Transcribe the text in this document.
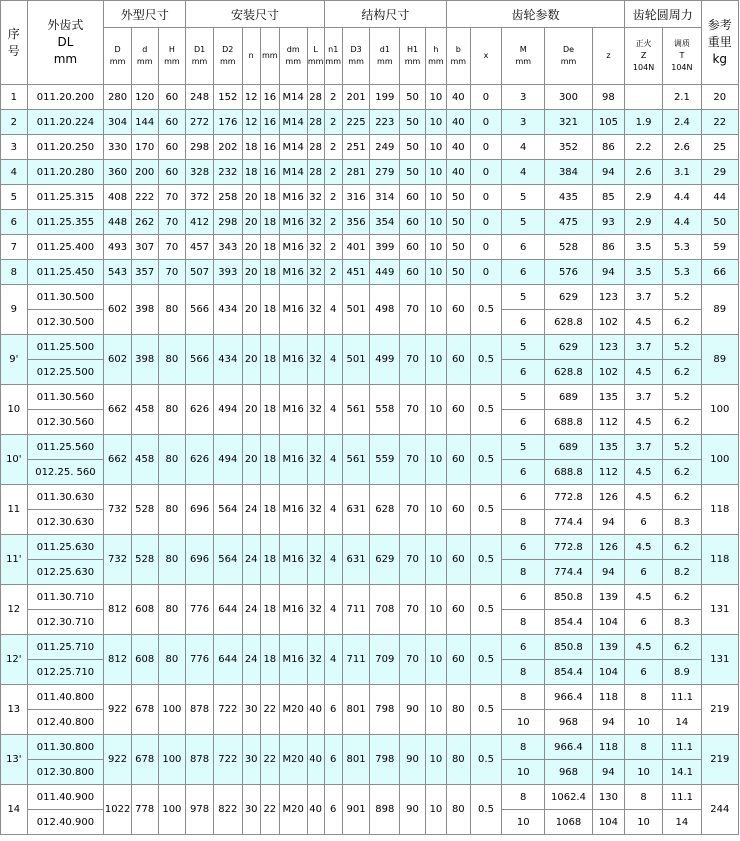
序
号	外齿式
DL
mm	外型尺寸			安装尺寸						结构尺寸					齿轮参数					齿轮圆周力		参考
重里
kg

		D
mm	d
mm	H
mm	D1
mm	D2
mm	n	mm	dm
mm	L
mm	n1
mm	D3
mm	d1
mm	H1
mm	h
mm	b
mm	x	M
mm	De
mm	z	正火
Z
104N	调质
T
104N	

1	011.20.200	280	120	60	248	152	12	16	M14	28	2	201	199	50	10	40	0	3	300	98		2.1	20
2	011.20.224	304	144	60	272	176	12	16	M14	28	2	225	223	50	10	40	0	3	321	105	1.9	2.4	22
3	011.20.250	330	170	60	298	202	18	16	M14	28	2	251	249	50	10	40	0	4	352	86	2.2	2.6	25
4	011.20.280	360	200	60	328	232	18	16	M14	28	2	281	279	50	10	40	0	4	384	94	2.6	3.1	29
5	011.25.315	408	222	70	372	258	20	18	M16	32	2	316	314	60	10	50	0	5	435	85	2.9	4.4	44
6	011.25.355	448	262	70	412	298	20	18	M16	32	2	356	354	60	10	50	0	5	475	93	2.9	4.4	50
7	011.25.400	493	307	70	457	343	20	18	M16	32	2	401	399	60	10	50	0	6	528	86	3.5	5.3	59
8	011.25.450	543	357	70	507	393	20	18	M16	32	2	451	449	60	10	50	0	6	576	94	3.5	5.3	66
9	011.30.500	602	398	80	566	434	20	18	M16	32	4	501	498	70	10	60	0.5	5	629	123	3.7	5.2	89
	012.30.500																	6	628.8	102	4.5	6.2	
9'	011.25.500	602	398	80	566	434	20	18	M16	32	4	501	499	70	10	60	0.5	5	629	123	3.7	5.2	89
	012.25.500																	6	628.8	102	4.5	6.2	
10	011.30.560	662	458	80	626	494	20	18	M16	32	4	561	558	70	10	60	0.5	5	689	135	3.7	5.2	100
	012.30.560																	6	688.8	112	4.5	6.2	
10'	011.25.560	662	458	80	626	494	20	18	M16	32	4	561	559	70	10	60	0.5	5	689	135	3.7	5.2	100
	012.25. 560																	6	688.8	112	4.5	6.2	
11	011.30.630	732	528	80	696	564	24	18	M16	32	4	631	628	70	10	60	0.5	6	772.8	126	4.5	6.2	118
	012.30.630																	8	774.4	94	6	8.3	
11'	011.25.630	732	528	80	696	564	24	18	M16	32	4	631	629	70	10	60	0.5	6	772.8	126	4.5	6.2	118
	012.25.630																	8	774.4	94	6	8.2	
12	011.30.710	812	608	80	776	644	24	18	M16	32	4	711	708	70	10	60	0.5	6	850.8	139	4.5	6.2	131
	012.30.710																	8	854.4	104	6	8.3	
12'	011.25.710	812	608	80	776	644	24	18	M16	32	4	711	709	70	10	60	0.5	6	850.8	139	4.5	6.2	131
	012.25.710																	8	854.4	104	6	8.9	
13	011.40.800	922	678	100	878	722	30	22	M20	40	6	801	798	90	10	80	0.5	8	966.4	118	8	11.1	219
	012.40.800																	10	968	94	10	14	
13'	011.30.800	922	678	100	878	722	30	22	M20	40	6	801	798	90	10	80	0.5	8	966.4	118	8	11.1	219
	012.30.800																	10	968	94	10	14.1	
14	011.40.900	1022	778	100	978	822	30	22	M20	40	6	901	898	90	10	80	0.5	8	1062.4	130	8	11.1	244
	012.40.900																	10	1068	104	10	14	
